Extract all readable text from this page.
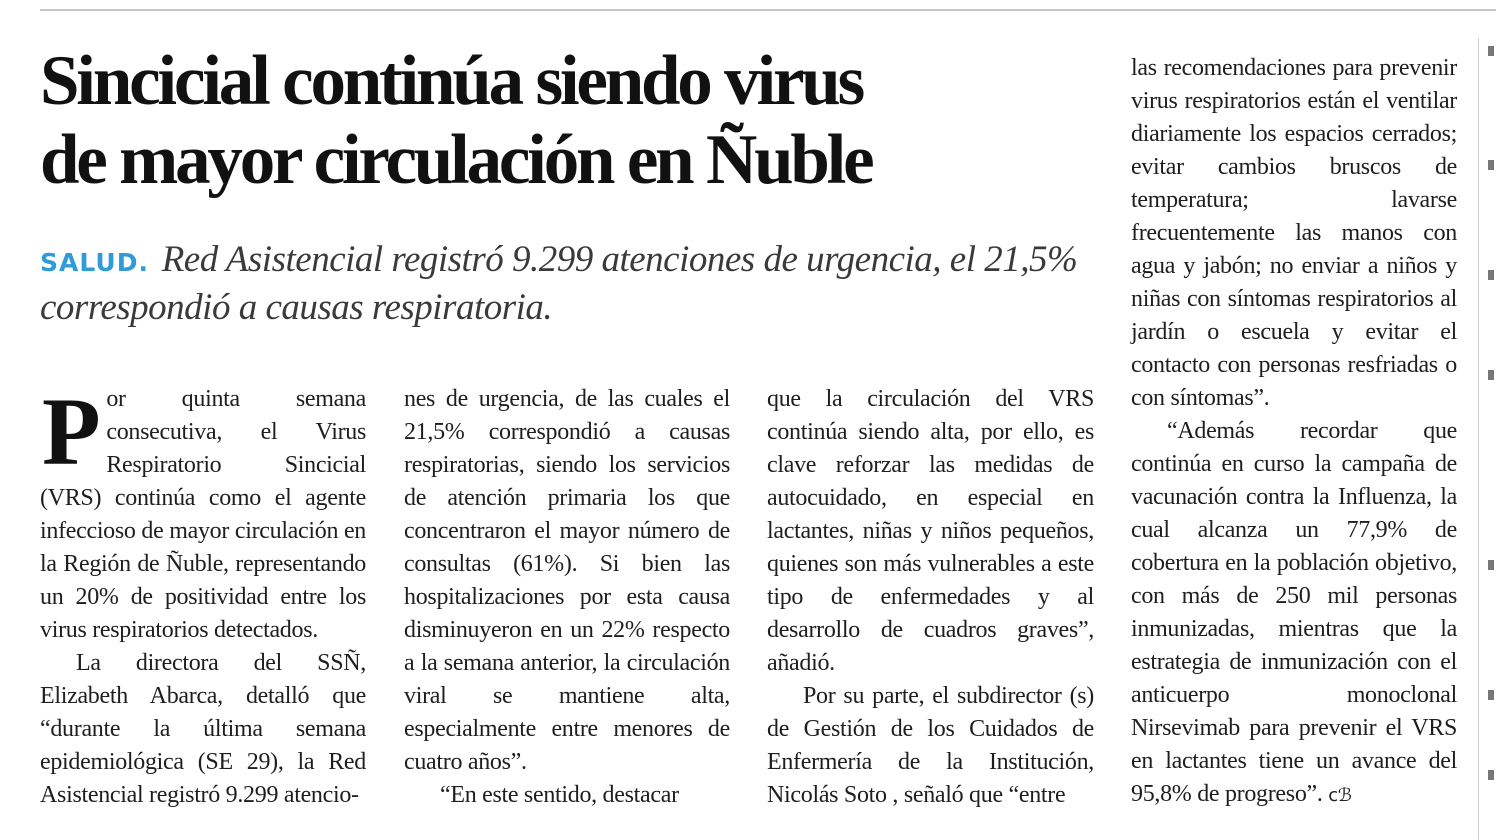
Sincicial continúa siendo virus
de mayor circulación en Ñuble

SALUD. Red Asistencial registró 9.299 atenciones de urgencia, el 21,5% correspondió a causas respiratoria.

Por quinta semana consecutiva, el Virus Respiratorio Sincicial (VRS) continúa como el agente infeccioso de mayor circulación en la Región de Ñuble, representando un 20% de positividad entre los virus respiratorios detectados.

La directora del SSÑ, Elizabeth Abarca, detalló que “durante la última semana epidemiológica (SE 29), la Red Asistencial registró 9.299 atencio-

nes de urgencia, de las cuales el 21,5% correspondió a causas respiratorias, siendo los servicios de atención primaria los que concentraron el mayor número de consultas (61%). Si bien las hospitalizaciones por esta causa disminuyeron en un 22% respecto a la semana anterior, la circulación viral se mantiene alta, especialmente entre menores de cuatro años”.

“En este sentido, destacar

que la circulación del VRS continúa siendo alta, por ello, es clave reforzar las medidas de autocuidado, en especial en lactantes, niñas y niños pequeños, quienes son más vulnerables a este tipo de enfermedades y al desarrollo de cuadros graves”, añadió.

Por su parte, el subdirector (s) de Gestión de los Cuidados de Enfermería de la Institución, Nicolás Soto , señaló que “entre

las recomendaciones para prevenir virus respiratorios están el ventilar diariamente los espacios cerrados; evitar cambios bruscos de temperatura; lavarse frecuentemente las manos con agua y jabón; no enviar a niños y niñas con síntomas respiratorios al jardín o escuela y evitar el contacto con personas resfriadas o con síntomas”.

“Además recordar que continúa en curso la campaña de vacunación contra la Influenza, la cual alcanza un 77,9% de cobertura en la población objetivo, con más de 250 mil personas inmunizadas, mientras que la estrategia de inmunización con el anticuerpo monoclonal Nirsevimab para prevenir el VRS en lactantes tiene un avance del 95,8% de progreso”. cℬ
